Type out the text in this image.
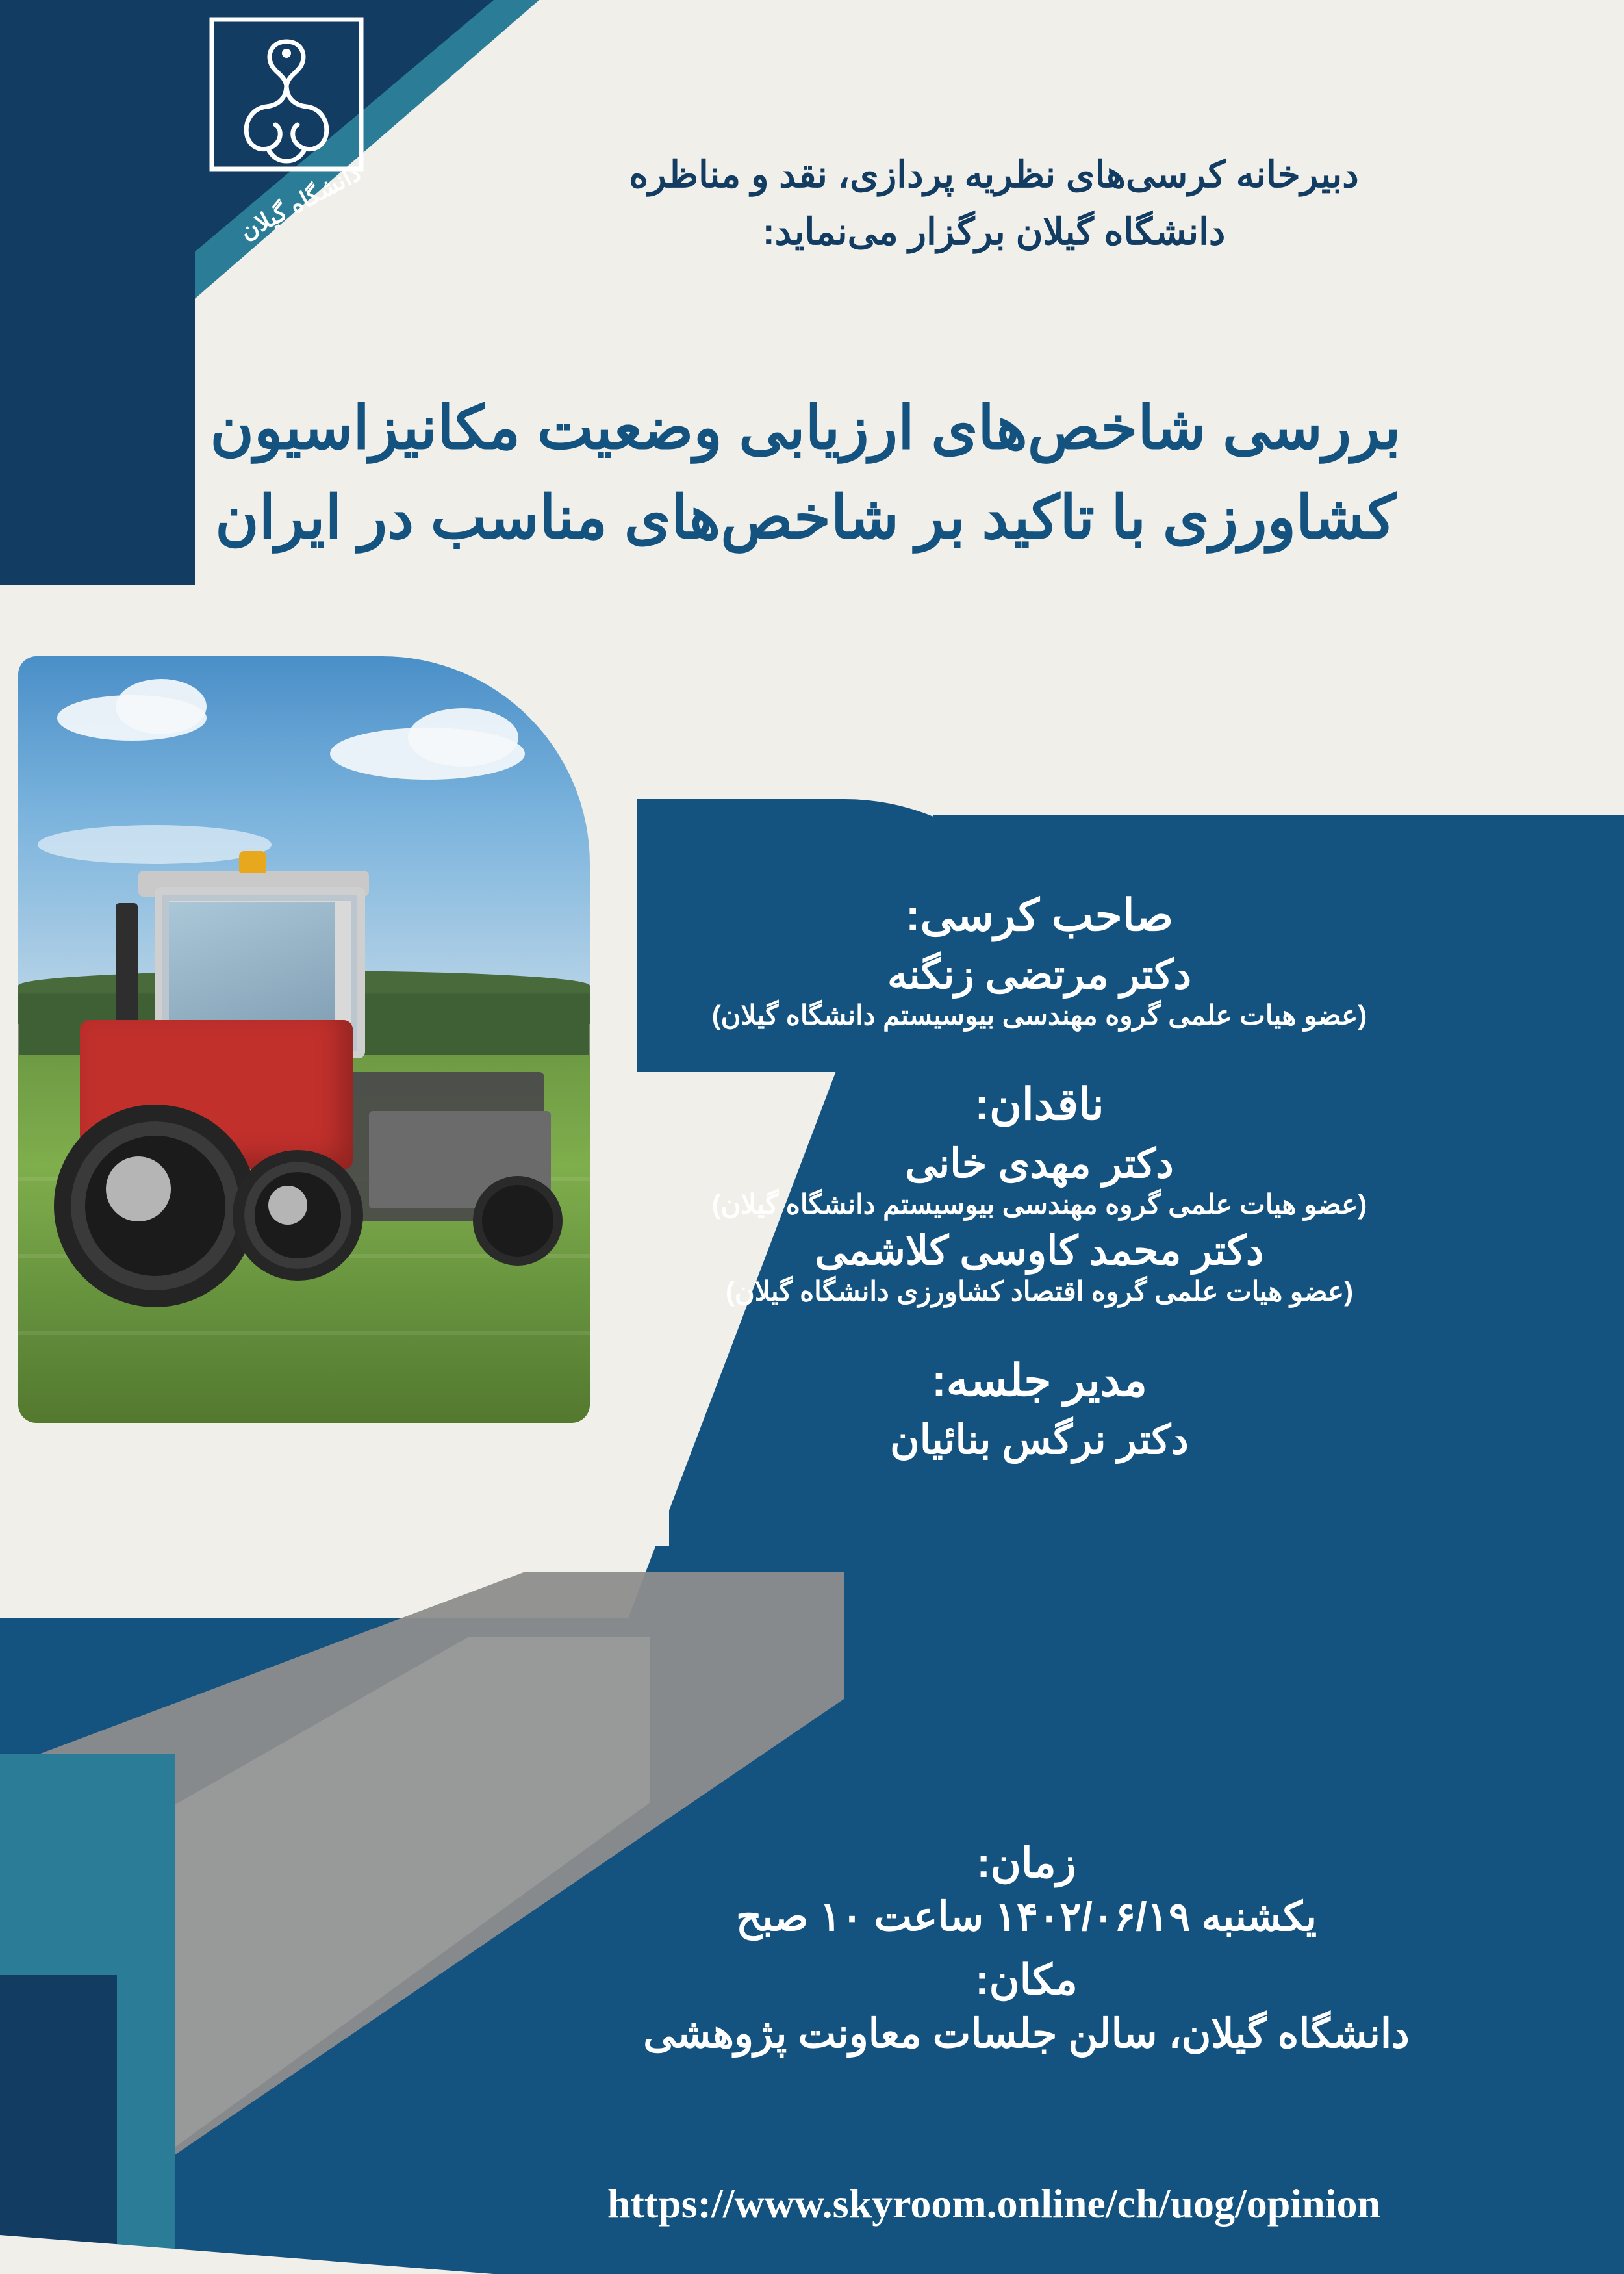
دانشگاه گیلان	دبیرخانه کرسی‌های نظریه پردازی، نقد و مناظره
دانشگاه گیلان برگزار می‌نماید:
بررسی شاخص‌های ارزیابی وضعیت مکانیزاسیون کشاورزی با تاکید بر شاخص‌های مناسب در ایران
صاحب کرسی:
دکتر مرتضی زنگنه
(عضو هیات علمی گروه مهندسی بیوسیستم دانشگاه گیلان)
ناقدان:
دکتر مهدی خانی
(عضو هیات علمی گروه مهندسی بیوسیستم دانشگاه گیلان)
دکتر محمد کاوسی کلاشمی
(عضو هیات علمی گروه اقتصاد کشاورزی دانشگاه گیلان)
مدیر جلسه:
دکتر نرگس بنائیان
زمان:
یکشنبه ۱۴۰۲/۰۶/۱۹ ساعت ۱۰ صبح
مکان:
دانشگاه گیلان، سالن جلسات معاونت پژوهشی
https://www.skyroom.online/ch/uog/opinion
